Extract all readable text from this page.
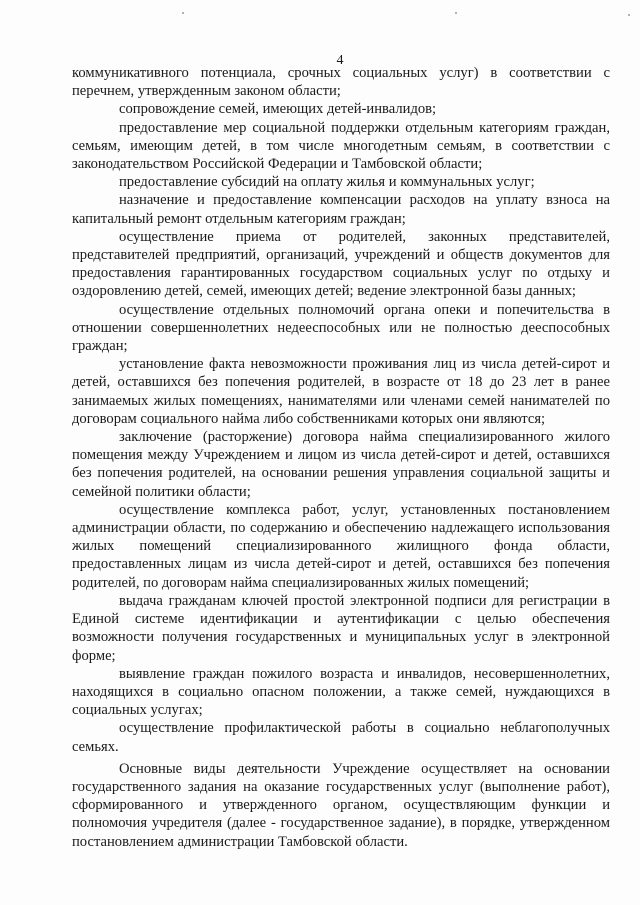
4

коммуникативного потенциала, срочных социальных услуг) в соответствии с перечнем, утвержденным законом области;

сопровождение семей, имеющих детей-инвалидов;

предоставление мер социальной поддержки отдельным категориям граждан, семьям, имеющим детей, в том числе многодетным семьям, в соответствии с законодательством Российской Федерации и Тамбовской области;

предоставление субсидий на оплату жилья и коммунальных услуг;

назначение и предоставление компенсации расходов на уплату взноса на капитальный ремонт отдельным категориям граждан;

осуществление приема от родителей, законных представителей, представителей предприятий, организаций, учреждений и обществ документов для предоставления гарантированных государством социальных услуг по отдыху и оздоровлению детей, семей, имеющих детей; ведение электронной базы данных;

осуществление отдельных полномочий органа опеки и попечительства в отношении совершеннолетних недееспособных или не полностью дееспособных граждан;

установление факта невозможности проживания лиц из числа детей-сирот и детей, оставшихся без попечения родителей, в возрасте от 18 до 23 лет в ранее занимаемых жилых помещениях, нанимателями или членами семей нанимателей по договорам социального найма либо собственниками которых они являются;

заключение (расторжение) договора найма специализированного жилого помещения между Учреждением и лицом из числа детей-сирот и детей, оставшихся без попечения родителей, на основании решения управления социальной защиты и семейной политики области;

осуществление комплекса работ, услуг, установленных постановлением администрации области, по содержанию и обеспечению надлежащего использования жилых помещений специализированного жилищного фонда области, предоставленных лицам из числа детей-сирот и детей, оставшихся без попечения родителей, по договорам найма специализированных жилых помещений;

выдача гражданам ключей простой электронной подписи для регистрации в Единой системе идентификации и аутентификации с целью обеспечения возможности получения государственных и муниципальных услуг в электронной форме;

выявление граждан пожилого возраста и инвалидов, несовершеннолетних, находящихся в социально опасном положении, а также семей, нуждающихся в социальных услугах;

осуществление профилактической работы в социально неблагополучных семьях.

Основные виды деятельности Учреждение осуществляет на основании государственного задания на оказание государственных услуг (выполнение работ), сформированного и утвержденного органом, осуществляющим функции и полномочия учредителя (далее - государственное задание), в порядке, утвержденном постановлением администрации Тамбовской области.
